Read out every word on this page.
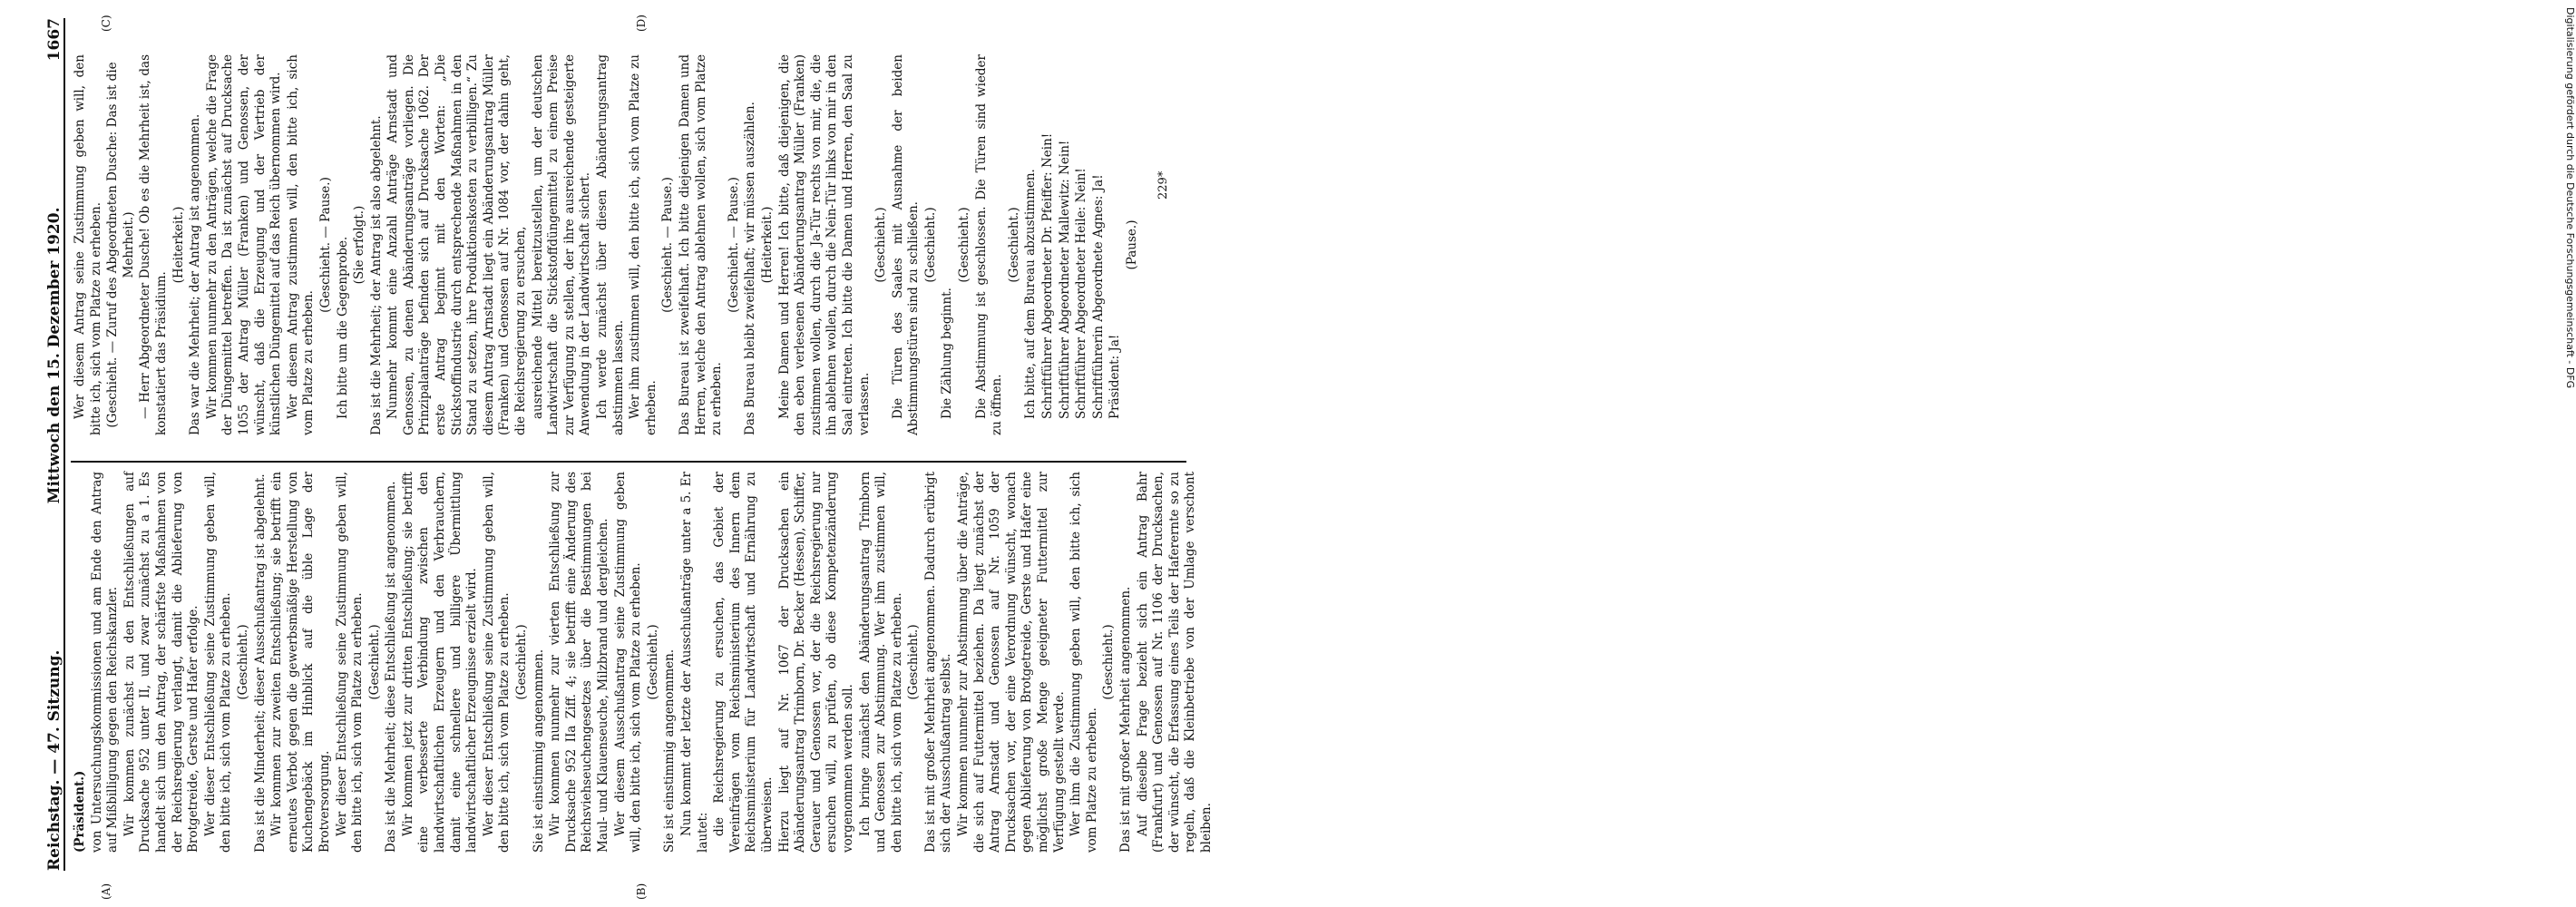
Reichstag. — 47. Sitzung.
Mittwoch den 15. Dezember 1920.
1667
(A)	(B)
(C)	(D)

(Präsident.) von Untersuchungskommissionen und am Ende den Antrag auf Mißbilligung gegen den Reichskanzler. Wir kommen zunächst zu den Entschließungen auf Drucksache 952 unter II, und zwar zunächst zu a 1. Es handelt sich um den Antrag, der schärfste Maßnahmen von der Reichsregierung verlangt, damit die Ablieferung von Brotgetreide, Gerste und Hafer erfolge. Wer dieser Entschließung seine Zustimmung geben will, den bitte ich, sich vom Platze zu erheben. (Geschieht.) Das ist die Minderheit; dieser Ausschußantrag ist abgelehnt. Wir kommen zur zweiten Entschließung; sie betrifft ein erneutes Verbot gegen die gewerbsmäßige Herstellung von Kuchengebäck im Hinblick auf die üble Lage der Brotversorgung. Wer dieser Entschließung seine Zustimmung geben will, den bitte ich, sich vom Platze zu erheben. (Geschieht.) Das ist die Mehrheit; diese Entschließung ist angenommen. Wir kommen jetzt zur dritten Entschließung; sie betrifft eine verbesserte Verbindung zwischen den landwirtschaftlichen Erzeugern und den Verbrauchern, damit eine schnellere und billigere Übermittlung landwirtschaftlicher Erzeugnisse erzielt wird. Wer dieser Entschließung seine Zustimmung geben will, den bitte ich, sich vom Platze zu erheben. (Geschieht.) Sie ist einstimmig angenommen. Wir kommen nunmehr zur vierten Entschließung zur Drucksache 952 IIa Ziff. 4; sie betrifft eine Änderung des Reichsviehseuchengesetzes über die Bestimmungen bei Maul- und Klauenseuche, Milzbrand und dergleichen. Wer diesem Ausschußantrag seine Zustimmung geben will, den bitte ich, sich vom Platze zu erheben. (Geschieht.) Sie ist einstimmig angenommen. Nun kommt der letzte der Ausschußanträge unter a 5. Er lautet: die Reichsregierung zu ersuchen, das Gebiet der Vereinfrägen vom Reichsministerium des Innern dem Reichsministerium für Landwirtschaft und Ernährung zu überweisen. Hierzu liegt auf Nr. 1067 der Drucksachen ein Abänderungsantrag Trimborn, Dr. Becker (Hessen), Schiffer, Gerauer und Genossen vor, der die Reichsregierung nur ersuchen will, zu prüfen, ob diese Kompetenzänderung vorgenommen werden soll. Ich bringe zunächst den Abänderungsantrag Trimborn und Genossen zur Abstimmung. Wer ihm zustimmen will, den bitte ich, sich vom Platze zu erheben. (Geschieht.) Das ist mit großer Mehrheit angenommen. Dadurch erübrigt sich der Ausschußantrag selbst. Wir kommen nunmehr zur Abstimmung über die Anträge, die sich auf Futtermittel beziehen. Da liegt zunächst der Antrag Arnstadt und Genossen auf Nr. 1059 der Drucksachen vor, der eine Verordnung wünscht, wonach gegen Ablieferung von Brotgetreide, Gerste und Hafer eine möglichst große Menge geeigneter Futtermittel zur Verfügung gestellt werde. Wer ihm die Zustimmung geben will, den bitte ich, sich vom Platze zu erheben.

(Geschieht.) Das ist mit großer Mehrheit angenommen. Auf dieselbe Frage bezieht sich ein Antrag Bahr (Frankfurt) und Genossen auf Nr. 1106 der Drucksachen, der wünscht, die Erfassung eines Teils der Haferernte so zu regeln, daß die Kleinbetriebe von der Umlage verschont bleiben.

Wer diesem Antrag seine Zustimmung geben will, den bitte ich, sich vom Platze zu erheben. (Geschieht. — Zuruf des Abgeordneten Dusche: Das ist die Mehrheit.) — Herr Abgeordneter Dusche! Ob es die Mehrheit ist, das konstatiert das Präsidium.

(Heiterkeit.) Das war die Mehrheit; der Antrag ist angenommen. Wir kommen nunmehr zu den Anträgen, welche die Frage der Düngemittel betreffen. Da ist zunächst auf Drucksache 1055 der Antrag Müller (Franken) und Genossen, der wünscht, daß die Erzeugung und der Vertrieb der künstlichen Düngemittel auf das Reich übernommen wird. Wer diesem Antrag zustimmen will, den bitte ich, sich vom Platze zu erheben.

(Geschieht. — Pause.) Ich bitte um die Gegenprobe. (Sie erfolgt.) Das ist die Mehrheit; der Antrag ist also abgelehnt. Nunmehr kommt eine Anzahl Anträge Arnstadt und Genossen, zu denen Abänderungsanträge vorliegen. Die Prinzipalanträge befinden sich auf Drucksache 1062. Der erste Antrag beginnt mit den Worten: „Die Stickstoffindustrie durch entsprechende Maßnahmen in den Stand zu setzen, ihre Produktionskosten zu verbilligen.“ Zu diesem Antrag Arnstadt liegt ein Abänderungsantrag Müller (Franken) und Genossen auf Nr. 1084 vor, der dahin geht, die Reichsregierung zu ersuchen, ausreichende Mittel bereitzustellen, um der deutschen Landwirtschaft die Stickstoffdüngemittel zu einem Preise zur Verfügung zu stellen, der ihre ausreichende gesteigerte Anwendung in der Landwirtschaft sichert. Ich werde zunächst über diesen Abänderungsantrag abstimmen lassen. Wer ihm zustimmen will, den bitte ich, sich vom Platze zu erheben.

(Geschieht. — Pause.) Das Bureau ist zweifelhaft. Ich bitte diejenigen Damen und Herren, welche den Antrag ablehnen wollen, sich vom Platze zu erheben.

(Geschieht. — Pause.) Das Bureau bleibt zweifelhaft; wir müssen auszählen. (Heiterkeit.) Meine Damen und Herren! Ich bitte, daß diejenigen, die den eben verlesenen Abänderungsantrag Müller (Franken) zustimmen wollen, durch die Ja-Tür rechts von mir, die, die ihn ablehnen wollen, durch die Nein-Tür links von mir in den Saal eintreten. Ich bitte die Damen und Herren, den Saal zu verlassen.

(Geschieht.) Die Türen des Saales mit Ausnahme der beiden Abstimmungstüren sind zu schließen. (Geschieht.)

Die Zählung beginnt.

(Geschieht.) Die Abstimmung ist geschlossen. Die Türen sind wieder zu öffnen.

(Geschieht.) Ich bitte, auf dem Bureau abzustimmen. Schriftführer Abgeordneter Dr. Pfeiffer: Nein! Schriftführer Abgeordneter Mallewitz: Nein! Schriftführer Abgeordneter Heile: Nein! Schriftführerin Abgeordnete Agnes: Ja! Präsident: Ja!

(Pause.)

229*	Digitalisierung gefördert durch die Deutsche Forschungsgemeinschaft - DFG
